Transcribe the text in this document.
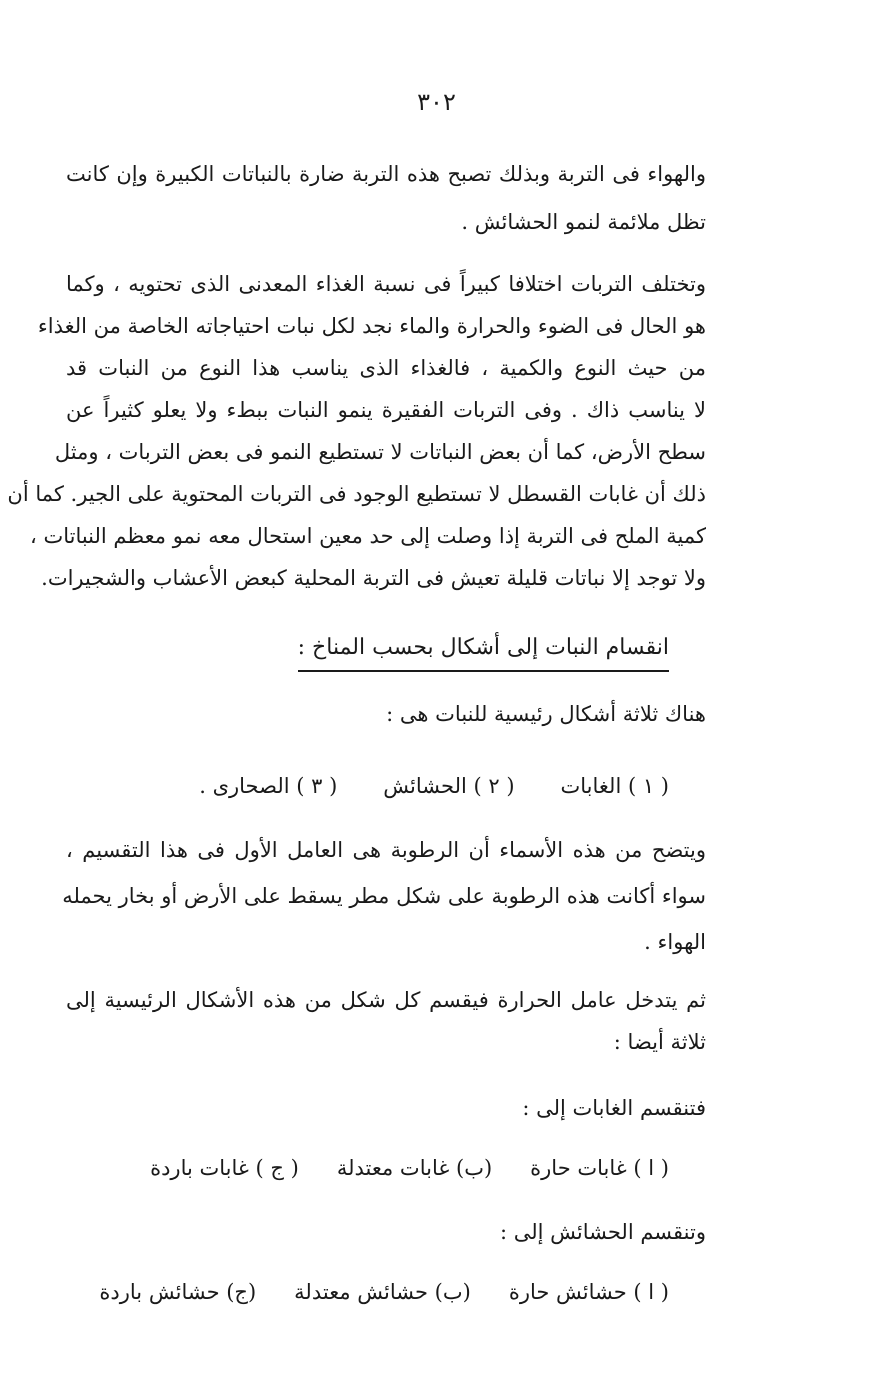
٣٠٢
والهواء فى التربة وبذلك تصبح هذه التربة ضارة بالنباتات الكبيرة وإن كانت
تظل ملائمة لنمو الحشائش .
وتختلف التربات اختلافا كبيراً فى نسبة الغذاء المعدنى الذى تحتويه ، وكما
هو الحال فى الضوء والحرارة والماء نجد لكل نبات احتياجاته الخاصة من الغذاء
من حيث النوع والكمية ، فالغذاء الذى يناسب هذا النوع من النبات قد
لا يناسب ذاك . وفى التربات الفقيرة ينمو النبات ببطء ولا يعلو كثيراً عن
سطح الأرض، كما أن بعض النباتات لا تستطيع النمو فى بعض التربات ، ومثل
ذلك أن غابات القسطل لا تستطيع الوجود فى التربات المحتوية على الجير. كما أن
كمية الملح فى التربة إذا وصلت إلى حد معين استحال معه نمو معظم النباتات ،
ولا توجد إلا نباتات قليلة تعيش فى التربة المحلية كبعض الأعشاب والشجيرات.
انقسام النبات إلى أشكال بحسب المناخ :
هناك ثلاثة أشكال رئيسية للنبات هى :
( ١ ) الغابات
( ٢ ) الحشائش
( ٣ ) الصحارى .
ويتضح من هذه الأسماء أن الرطوبة هى العامل الأول فى هذا التقسيم ،
سواء أكانت هذه الرطوبة على شكل مطر يسقط على الأرض أو بخار يحمله
الهواء .
ثم يتدخل عامل الحرارة فيقسم كل شكل من هذه الأشكال الرئيسية إلى
ثلاثة أيضا :
فتنقسم الغابات إلى :
( ا ) غابات حارة
(ب) غابات معتدلة
( ج ) غابات باردة
وتنقسم الحشائش إلى :
( ا ) حشائش حارة
(ب) حشائش معتدلة
(ج) حشائش باردة
